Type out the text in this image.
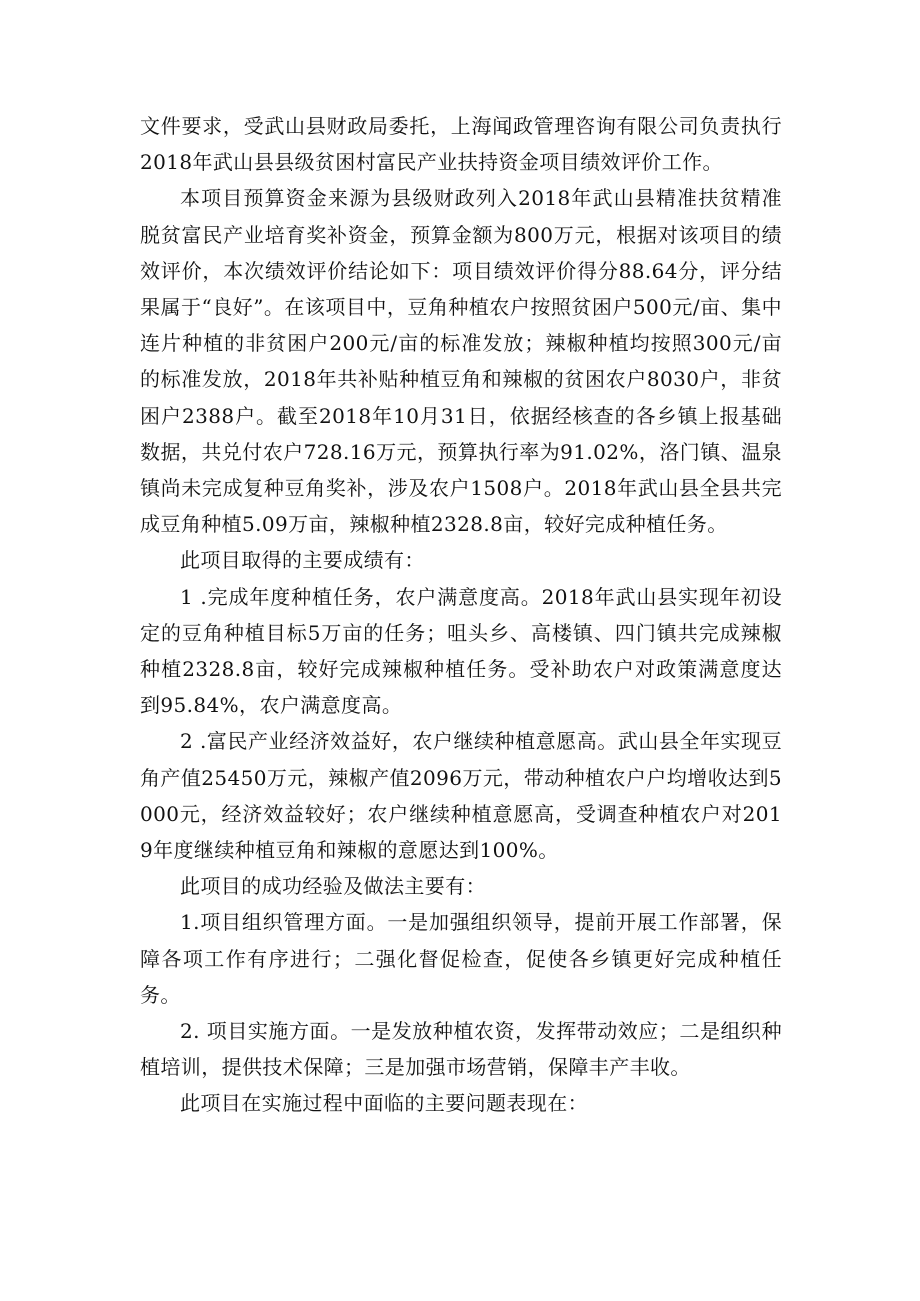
文件要求，受武山县财政局委托，上海闻政管理咨询有限公司负责执行2018年武山县县级贫困村富民产业扶持资金项目绩效评价工作。

本项目预算资金来源为县级财政列入2018年武山县精准扶贫精准脱贫富民产业培育奖补资金，预算金额为800万元，根据对该项目的绩效评价，本次绩效评价结论如下：项目绩效评价得分88.64分，评分结果属于“良好”。在该项目中，豆角种植农户按照贫困户500元/亩、集中连片种植的非贫困户200元/亩的标准发放；辣椒种植均按照300元/亩的标准发放，2018年共补贴种植豆角和辣椒的贫困农户8030户，非贫困户2388户。截至2018年10月31日，依据经核查的各乡镇上报基础数据，共兑付农户728.16万元，预算执行率为91.02%，洛门镇、温泉镇尚未完成复种豆角奖补，涉及农户1508户。2018年武山县全县共完成豆角种植5.09万亩，辣椒种植2328.8亩，较好完成种植任务。

此项目取得的主要成绩有：

1 .完成年度种植任务，农户满意度高。2018年武山县实现年初设定的豆角种植目标5万亩的任务；咀头乡、高楼镇、四门镇共完成辣椒种植2328.8亩，较好完成辣椒种植任务。受补助农户对政策满意度达到95.84%，农户满意度高。

2 .富民产业经济效益好，农户继续种植意愿高。武山县全年实现豆角产值25450万元，辣椒产值2096万元，带动种植农户户均增收达到5000元，经济效益较好；农户继续种植意愿高，受调查种植农户对2019年度继续种植豆角和辣椒的意愿达到100%。

此项目的成功经验及做法主要有：

1.项目组织管理方面。一是加强组织领导，提前开展工作部署，保障各项工作有序进行；二强化督促检查，促使各乡镇更好完成种植任务。

2. 项目实施方面。一是发放种植农资，发挥带动效应；二是组织种植培训，提供技术保障；三是加强市场营销，保障丰产丰收。

此项目在实施过程中面临的主要问题表现在：
